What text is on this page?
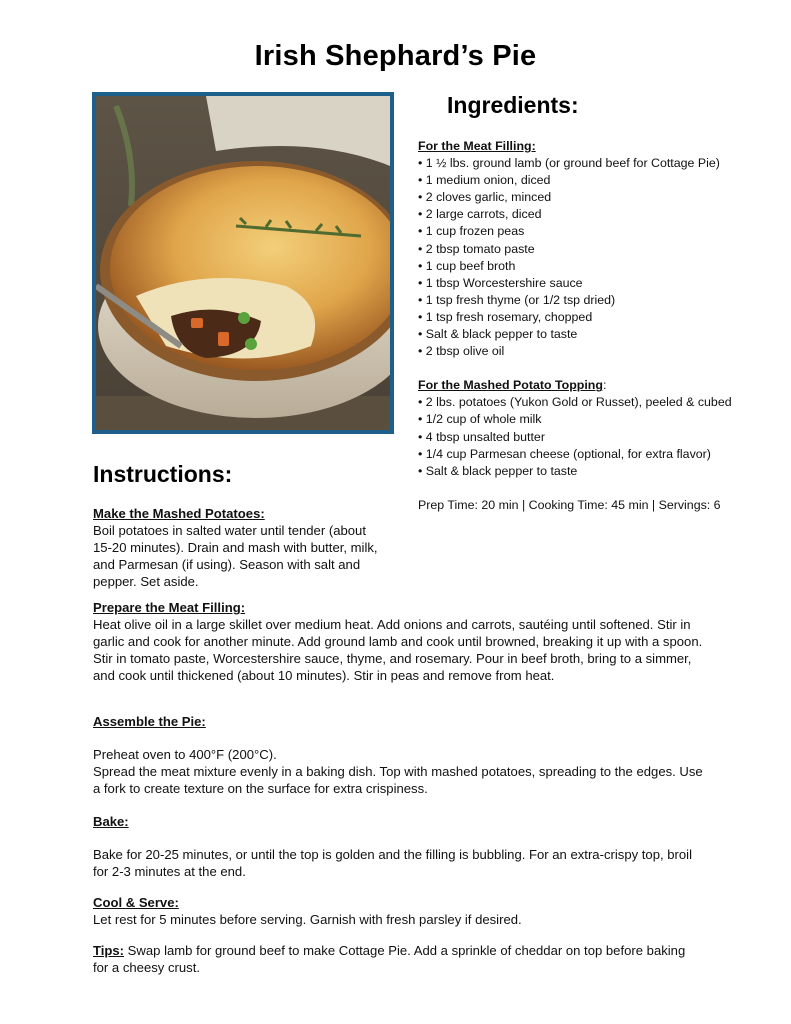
Irish Shephard’s Pie
Ingredients:
For the Meat Filling:
• 1 ½ lbs. ground lamb (or ground beef for Cottage Pie)
• 1 medium onion, diced
• 2 cloves garlic, minced
• 2 large carrots, diced
• 1 cup frozen peas
• 2 tbsp tomato paste
• 1 cup beef broth
• 1 tbsp Worcestershire sauce
• 1 tsp fresh thyme (or 1/2 tsp dried)
• 1 tsp fresh rosemary, chopped
• Salt & black pepper to taste
• 2 tbsp olive oil
For the Mashed Potato Topping:
• 2 lbs. potatoes (Yukon Gold or Russet), peeled & cubed
• 1/2 cup of whole milk
• 4 tbsp unsalted butter
• 1/4 cup Parmesan cheese (optional, for extra flavor)
• Salt & black pepper to taste
Prep Time: 20 min | Cooking Time: 45 min | Servings: 6
Instructions:
Make the Mashed Potatoes:

Boil potatoes in salted water until tender (about 15-20 minutes). Drain and mash with butter, milk, and Parmesan (if using). Season with salt and pepper. Set aside.

Prepare the Meat Filling:

Heat olive oil in a large skillet over medium heat. Add onions and carrots, sautéing until softened. Stir in garlic and cook for another minute. Add ground lamb and cook until browned, breaking it up with a spoon. Stir in tomato paste, Worcestershire sauce, thyme, and rosemary. Pour in beef broth, bring to a simmer, and cook until thickened (about 10 minutes). Stir in peas and remove from heat.

Assemble the Pie:

Preheat oven to 400°F (200°C).

Spread the meat mixture evenly in a baking dish. Top with mashed potatoes, spreading to the edges. Use a fork to create texture on the surface for extra crispiness.

Bake:

Bake for 20-25 minutes, or until the top is golden and the filling is bubbling. For an extra-crispy top, broil for 2-3 minutes at the end.

Cool & Serve:

Let rest for 5 minutes before serving. Garnish with fresh parsley if desired.

Tips: Swap lamb for ground beef to make Cottage Pie. Add a sprinkle of cheddar on top before baking for a cheesy crust.
